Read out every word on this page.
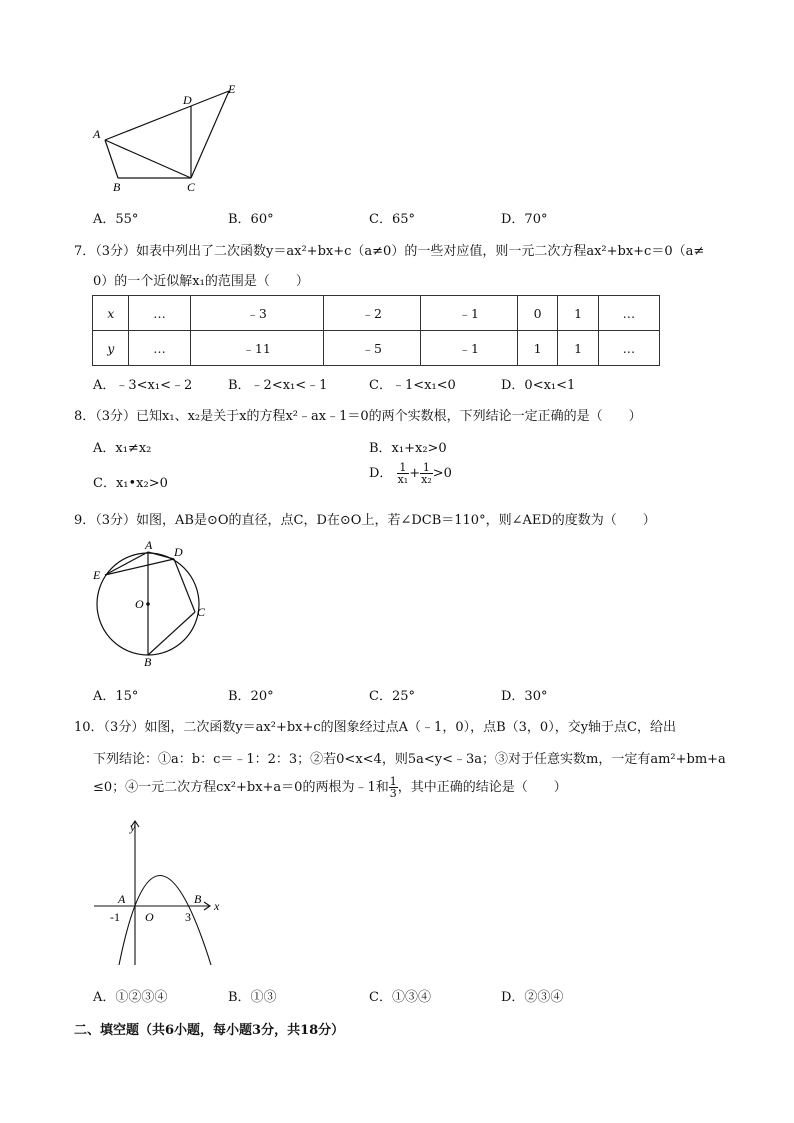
A
B	C
D
E
A．55°	B．60°	C．65°	D．70°
7．（3分）如表中列出了二次函数y＝ax²+bx+c（a≠0）的一些对应值，则一元二次方程ax²+bx+c＝0（a≠
0）的一个近似解x₁的范围是（　　）
x	…	﹣3	﹣2	﹣1	0	1	…
y	…	﹣11	﹣5	﹣1	1	1	…
A．﹣3<x₁<﹣2	B．﹣2<x₁<﹣1	C．﹣1<x₁<0	D．0<x₁<1
8．（3分）已知x₁、x₂是关于x的方程x²﹣ax﹣1＝0的两个实数根，下列结论一定正确的是（　　）
A．x₁≠x₂	B．x₁+x₂>0
C．x₁•x₂>0
D． $\frac{1}{\text{x₁}} + \frac{1}{\text{x₂}} >0$
9．（3分）如图，AB是⊙O的直径，点C，D在⊙O上，若∠DCB＝110°，则∠AED的度数为（　　）
A D
E
O
C
B
A．15°	B．20°	C．25°	D．30°
10．（3分）如图，二次函数y＝ax²+bx+c的图象经过点A（﹣1，0），点B（3，0），交y轴于点C，给出
下列结论：①a：b：c＝﹣1：2：3；②若0<x<4，则5a<y<﹣3a；③对于任意实数m，一定有am²+bm+a
≤0；④一元二次方程cx²+bx+a＝0的两根为﹣1和 $\frac{1}{3}$ ，其中正确的结论是（　　）
y
x
A	B
O
-1	3
A．①②③④	B．①③	C．①③④	D．②③④
二、填空题（共6小题，每小题3分，共18分）
